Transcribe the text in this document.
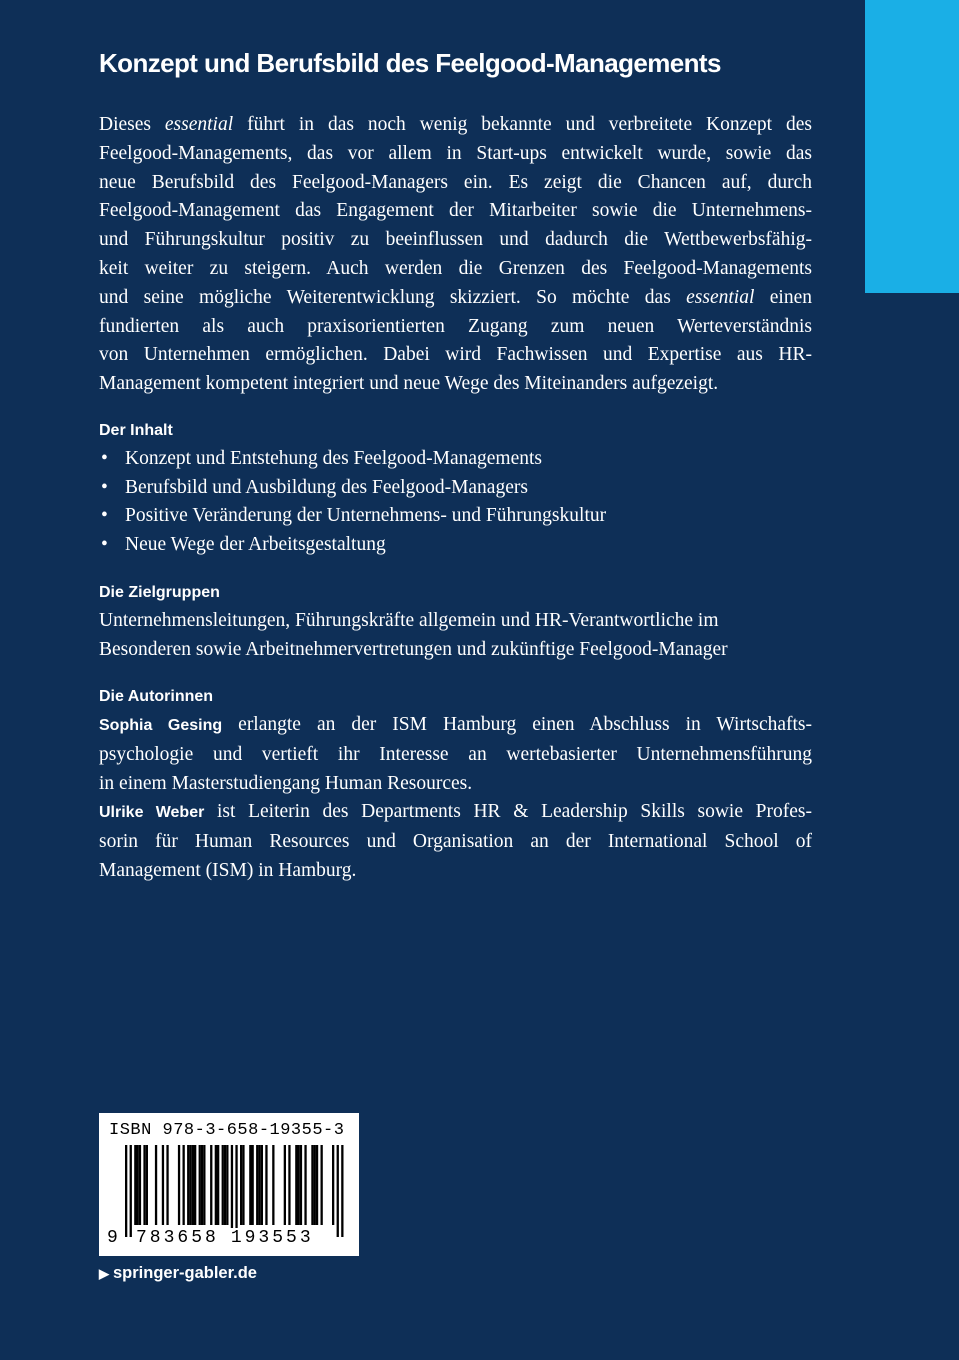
Konzept und Berufsbild des Feelgood-Managements

Dieses essential führt in das noch wenig bekannte und verbreitete Konzept des
Feelgood-Managements, das vor allem in Start-ups entwickelt wurde, sowie das
neue Berufsbild des Feelgood-Managers ein. Es zeigt die Chancen auf, durch
Feelgood-Management das Engagement der Mitarbeiter sowie die Unternehmens-
und Führungskultur positiv zu beeinflussen und dadurch die Wettbewerbsfähig-
keit weiter zu steigern. Auch werden die Grenzen des Feelgood-Managements
und seine mögliche Weiterentwicklung skizziert. So möchte das essential einen
fundierten als auch praxisorientierten Zugang zum neuen Werteverständnis
von Unternehmen ermöglichen. Dabei wird Fachwissen und Expertise aus HR-
Management kompetent integriert und neue Wege des Miteinanders aufgezeigt.

Der Inhalt
• Konzept und Entstehung des Feelgood-Managements
• Berufsbild und Ausbildung des Feelgood-Managers
• Positive Veränderung der Unternehmens- und Führungskultur
• Neue Wege der Arbeitsgestaltung
Die Zielgruppen

Unternehmensleitungen, Führungskräfte allgemein und HR-Verantwortliche im
Besonderen sowie Arbeitnehmervertretungen und zukünftige Feelgood-Manager

Die Autorinnen
Sophia Gesing erlangte an der ISM Hamburg einen Abschluss in Wirtschafts-
psychologie und vertieft ihr Interesse an wertebasierter Unternehmensführung
in einem Masterstudiengang Human Resources.
Ulrike Weber ist Leiterin des Departments HR & Leadership Skills sowie Profes-
sorin für Human Resources und Organisation an der International School of
Management (ISM) in Hamburg.
ISBN 978-3-658-19355-3
9 783658 193553
▶ springer-gabler.de
